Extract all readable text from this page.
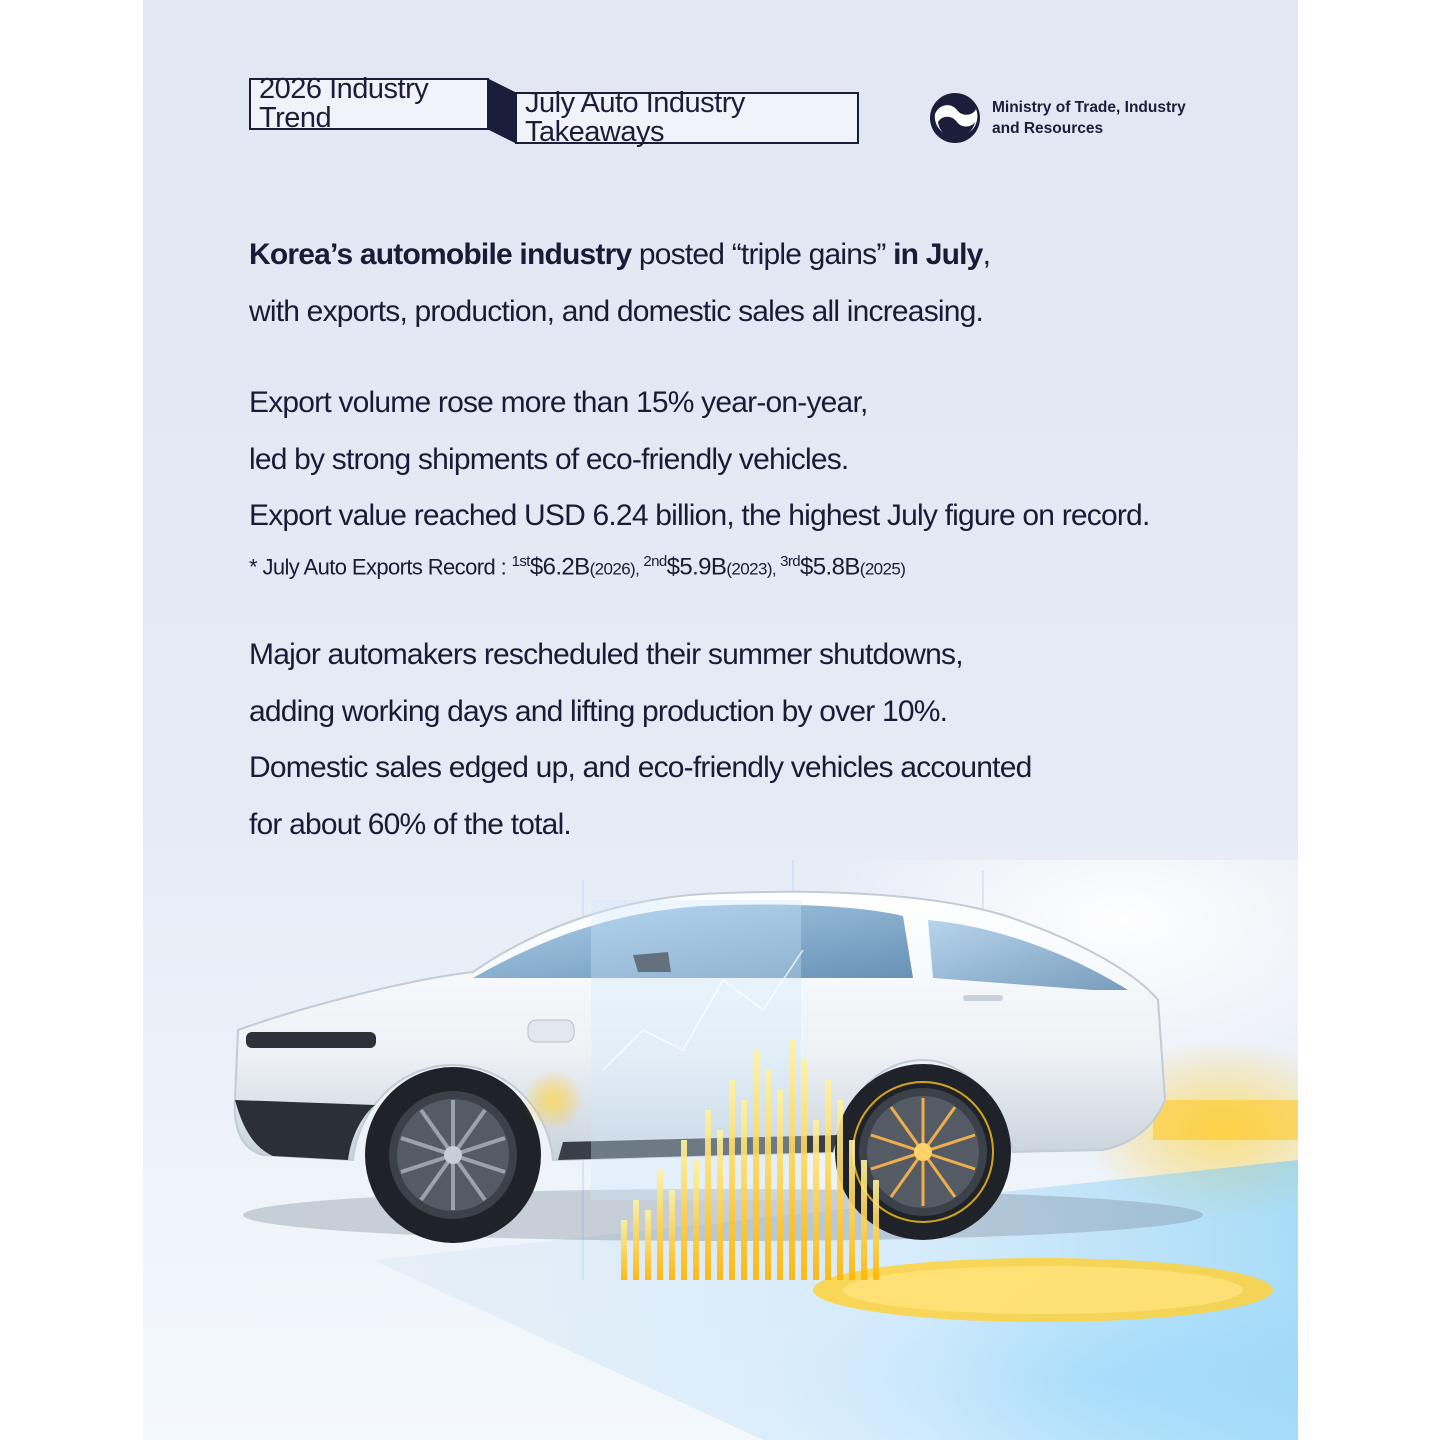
2026 Industry Trend	July Auto Industry Takeaways
Ministry of Trade, Industry
and Resources
Korea’s automobile industry posted “triple gains” in July,
with exports, production, and domestic sales all increasing.
Export volume rose more than 15% year-on-year,
led by strong shipments of eco-friendly vehicles.
Export value reached USD 6.24 billion, the highest July figure on record.
* July Auto Exports Record : $^{1st}$\$6.2B(2026), $^{2nd}$\$5.9B(2023), $^{3rd}$\$5.8B(2025)
Major automakers rescheduled their summer shutdowns,
adding working days and lifting production by over 10%.
Domestic sales edged up, and eco-friendly vehicles accounted
for about 60% of the total.
